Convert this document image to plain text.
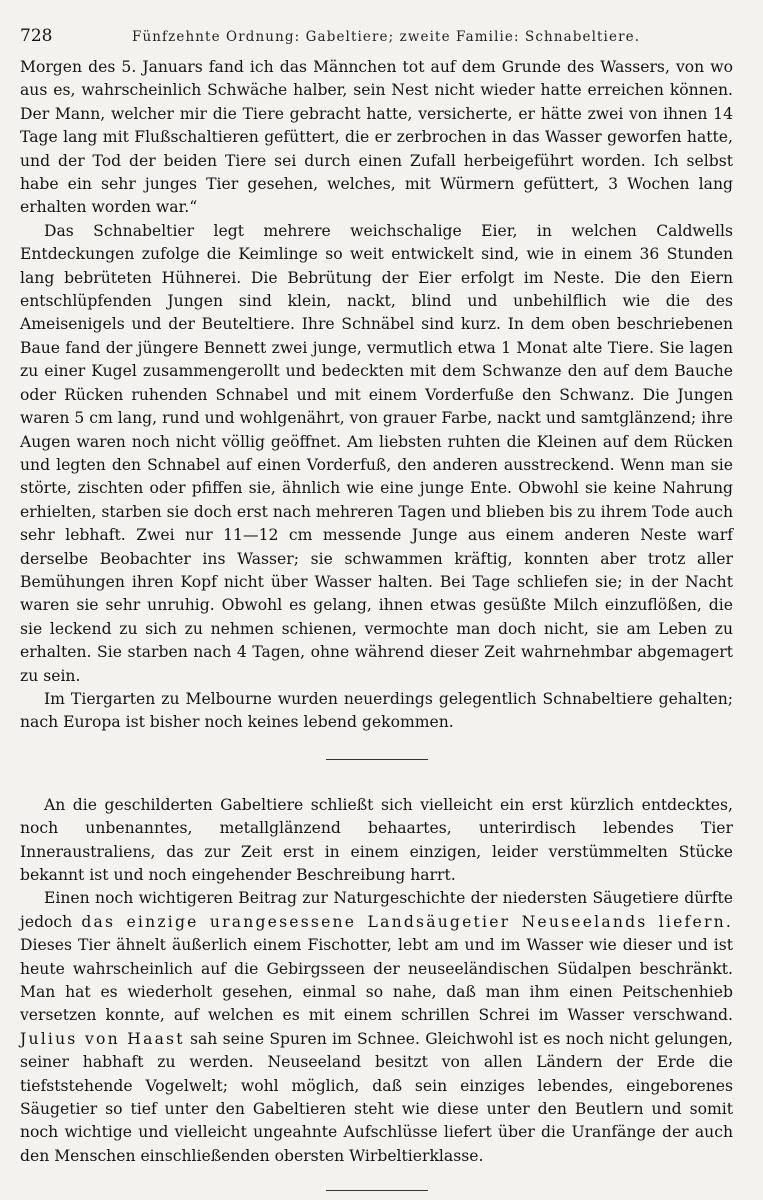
728	Fünfzehnte Ordnung: Gabeltiere; zweite Familie: Schnabeltiere.

Morgen des 5. Januars fand ich das Männchen tot auf dem Grunde des Wassers, von wo aus es, wahrscheinlich Schwäche halber, sein Nest nicht wieder hatte erreichen können. Der Mann, welcher mir die Tiere gebracht hatte, versicherte, er hätte zwei von ihnen 14 Tage lang mit Flußschaltieren gefüttert, die er zerbrochen in das Wasser geworfen hatte, und der Tod der beiden Tiere sei durch einen Zufall herbeigeführt worden. Ich selbst habe ein sehr junges Tier gesehen, welches, mit Würmern gefüttert, 3 Wochen lang erhalten worden war.“

Das Schnabeltier legt mehrere weichschalige Eier, in welchen Caldwells Entdeckungen zufolge die Keimlinge so weit entwickelt sind, wie in einem 36 Stunden lang bebrüteten Hühnerei. Die Bebrütung der Eier erfolgt im Neste. Die den Eiern entschlüpfenden Jungen sind klein, nackt, blind und unbehilflich wie die des Ameisenigels und der Beuteltiere. Ihre Schnäbel sind kurz. In dem oben beschriebenen Baue fand der jüngere Bennett zwei junge, vermutlich etwa 1 Monat alte Tiere. Sie lagen zu einer Kugel zusammengerollt und bedeckten mit dem Schwanze den auf dem Bauche oder Rücken ruhenden Schnabel und mit einem Vorderfuße den Schwanz. Die Jungen waren 5 cm lang, rund und wohlgenährt, von grauer Farbe, nackt und samtglänzend; ihre Augen waren noch nicht völlig geöffnet. Am liebsten ruhten die Kleinen auf dem Rücken und legten den Schnabel auf einen Vorderfuß, den anderen ausstreckend. Wenn man sie störte, zischten oder pfiffen sie, ähnlich wie eine junge Ente. Obwohl sie keine Nahrung erhielten, starben sie doch erst nach mehreren Tagen und blieben bis zu ihrem Tode auch sehr lebhaft. Zwei nur 11—12 cm messende Junge aus einem anderen Neste warf derselbe Beobachter ins Wasser; sie schwammen kräftig, konnten aber trotz aller Bemühungen ihren Kopf nicht über Wasser halten. Bei Tage schliefen sie; in der Nacht waren sie sehr unruhig. Obwohl es gelang, ihnen etwas gesüßte Milch einzuflößen, die sie leckend zu sich zu nehmen schienen, vermochte man doch nicht, sie am Leben zu erhalten. Sie starben nach 4 Tagen, ohne während dieser Zeit wahrnehmbar abgemagert zu sein.

Im Tiergarten zu Melbourne wurden neuerdings gelegentlich Schnabeltiere gehalten; nach Europa ist bisher noch keines lebend gekommen.

An die geschilderten Gabeltiere schließt sich vielleicht ein erst kürzlich entdecktes, noch unbenanntes, metallglänzend behaartes, unterirdisch lebendes Tier Inneraustraliens, das zur Zeit erst in einem einzigen, leider verstümmelten Stücke bekannt ist und noch eingehender Beschreibung harrt.

Einen noch wichtigeren Beitrag zur Naturgeschichte der niedersten Säugetiere dürfte jedoch das einzige urangesessene Landsäugetier Neuseelands liefern. Dieses Tier ähnelt äußerlich einem Fischotter, lebt am und im Wasser wie dieser und ist heute wahrscheinlich auf die Gebirgsseen der neuseeländischen Südalpen beschränkt. Man hat es wiederholt gesehen, einmal so nahe, daß man ihm einen Peitschenhieb versetzen konnte, auf welchen es mit einem schrillen Schrei im Wasser verschwand. Julius von Haast sah seine Spuren im Schnee. Gleichwohl ist es noch nicht gelungen, seiner habhaft zu werden. Neuseeland besitzt von allen Ländern der Erde die tiefststehende Vogelwelt; wohl möglich, daß sein einziges lebendes, eingeborenes Säugetier so tief unter den Gabeltieren steht wie diese unter den Beutlern und somit noch wichtige und vielleicht ungeahnte Aufschlüsse liefert über die Uranfänge der auch den Menschen einschließenden obersten Wirbeltierklasse.
